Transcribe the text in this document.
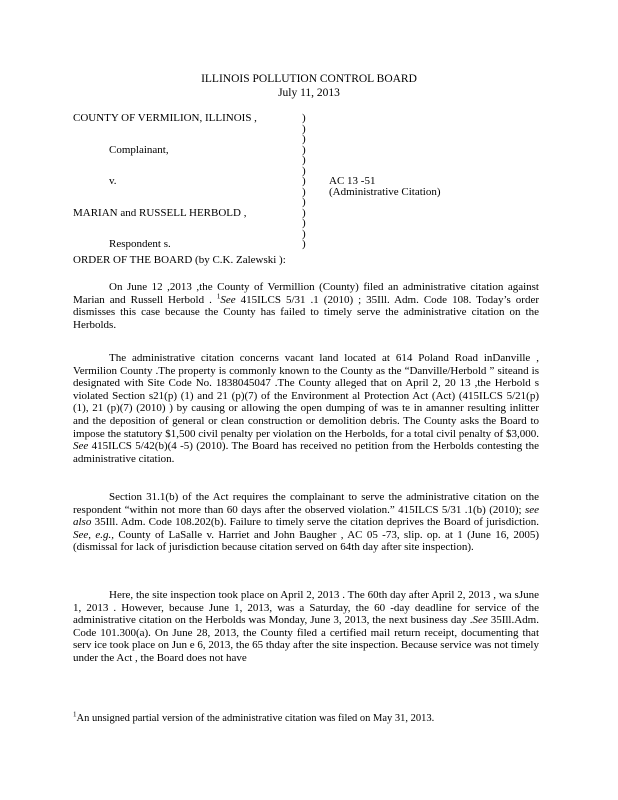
ILLINOIS POLLUTION CONTROL BOARD
July 11, 2013
COUNTY OF VERMILION, ILLINOIS ,	)
)
)
Complainant,	)
)
)
v.	) AC 13 -51
) (Administrative Citation)
)
MARIAN and RUSSELL HERBOLD ,	)
)
)
Respondent s.	)
ORDER OF THE BOARD (by C.K. Zalewski ):

On June 12 ,2013 ,the County of Vermillion (County) filed an administrative citation against Marian and Russell Herbold . $^1$See 415ILCS 5/31 .1 (2010) ; 35Ill. Adm. Code 108. Today’s order dismisses this case because the County has failed to timely serve the administrative citation on the Herbolds.

The administrative citation concerns vacant land located at 614 Poland Road inDanville , Vermilion County .The property is commonly known to the County as the “Danville/Herbold ” siteand is designated with Site Code No. 1838045047 .The County alleged that on April 2, 20 13 ,the Herbold s violated Section s21(p) (1) and 21 (p)(7) of the Environment al Protection Act (Act) (415ILCS 5/21(p)(1), 21 (p)(7) (2010) ) by causing or allowing the open dumping of was te in amanner resulting inlitter and the deposition of general or clean construction or demolition debris. The County asks the Board to impose the statutory $1,500 civil penalty per violation on the Herbolds, for a total civil penalty of $3,000. See 415ILCS 5/42(b)(4 -5) (2010). The Board has received no petition from the Herbolds contesting the administrative citation.

Section 31.1(b) of the Act requires the complainant to serve the administrative citation on the respondent “within not more than 60 days after the observed violation.” 415ILCS 5/31 .1(b) (2010); see also 35Ill. Adm. Code 108.202(b). Failure to timely serve the citation deprives the Board of jurisdiction. See, e.g., County of LaSalle v. Harriet and John Baugher , AC 05 -73, slip. op. at 1 (June 16, 2005) (dismissal for lack of jurisdiction because citation served on 64th day after site inspection).

Here, the site inspection took place on April 2, 2013 . The 60th day after April 2, 2013 , wa sJune 1, 2013 . However, because June 1, 2013, was a Saturday, the 60 -day deadline for service of the administrative citation on the Herbolds was Monday, June 3, 2013, the next business day .See 35Ill.Adm. Code 101.300(a). On June 28, 2013, the County filed a certified mail return receipt, documenting that serv ice took place on Jun e 6, 2013, the 65 thday after the site inspection. Because service was not timely under the Act , the Board does not have

$^1$An unsigned partial version of the administrative citation was filed on May 31, 2013.
